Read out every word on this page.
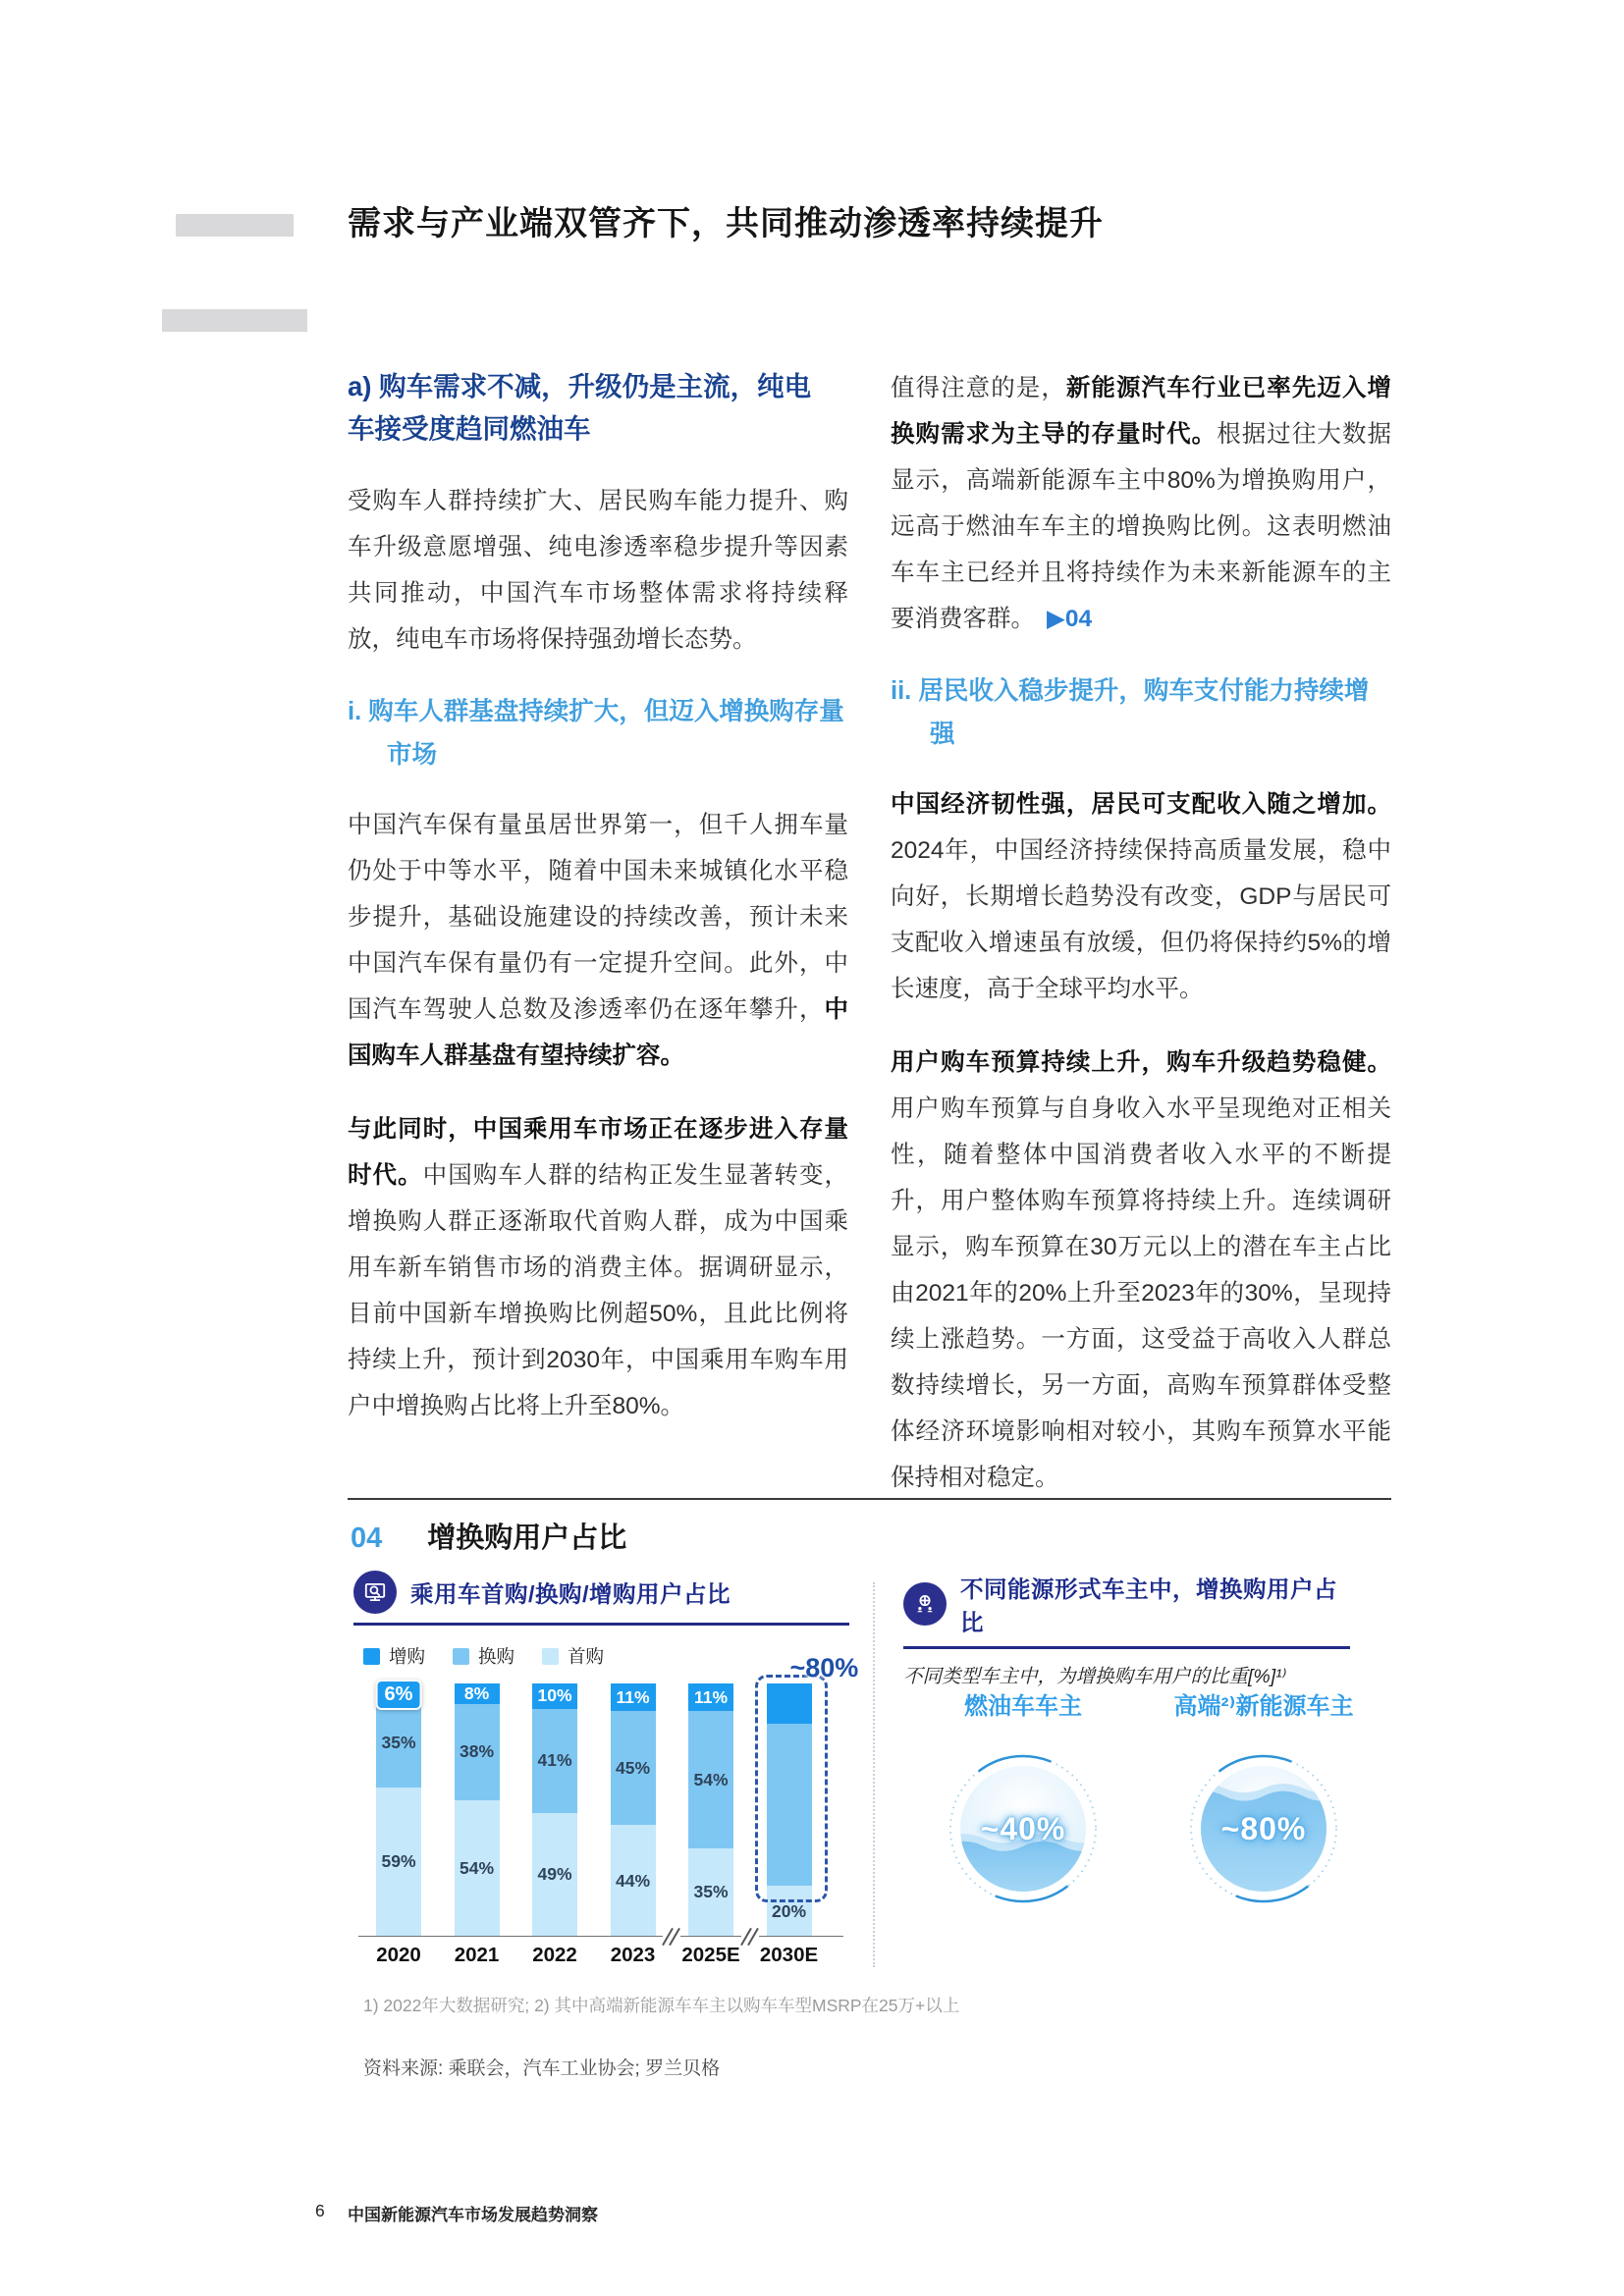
需求与产业端双管齐下，共同推动渗透率持续提升
a) 购车需求不减，升级仍是主流，纯电车接受度趋同燃油车

受购车人群持续扩大、居民购车能力提升、购车升级意愿增强、纯电渗透率稳步提升等因素共同推动，中国汽车市场整体需求将持续释放，纯电车市场将保持强劲增长态势。

i. 购车人群基盘持续扩大，但迈入增换购存量市场

中国汽车保有量虽居世界第一，但千人拥车量仍处于中等水平，随着中国未来城镇化水平稳步提升，基础设施建设的持续改善，预计未来中国汽车保有量仍有一定提升空间。此外，中国汽车驾驶人总数及渗透率仍在逐年攀升，中国购车人群基盘有望持续扩容。

与此同时，中国乘用车市场正在逐步进入存量时代。中国购车人群的结构正发生显著转变，增换购人群正逐渐取代首购人群，成为中国乘用车新车销售市场的消费主体。据调研显示，目前中国新车增换购比例超50%，且此比例将持续上升，预计到2030年，中国乘用车购车用户中增换购占比将上升至80%。

值得注意的是，新能源汽车行业已率先迈入增换购需求为主导的存量时代。根据过往大数据显示，高端新能源车主中80%为增换购用户，远高于燃油车车主的增换购比例。这表明燃油车车主已经并且将持续作为未来新能源车的主要消费客群。 ▶04

ii. 居民收入稳步提升，购车支付能力持续增强

中国经济韧性强，居民可支配收入随之增加。2024年，中国经济持续保持高质量发展，稳中向好，长期增长趋势没有改变，GDP与居民可支配收入增速虽有放缓，但仍将保持约5%的增长速度，高于全球平均水平。

用户购车预算持续上升，购车升级趋势稳健。用户购车预算与自身收入水平呈现绝对正相关性，随着整体中国消费者收入水平的不断提升，用户整体购车预算将持续上升。连续调研显示，购车预算在30万元以上的潜在车主占比由2021年的20%上升至2023年的30%，呈现持续上涨趋势。一方面，这受益于高收入人群总数持续增长，另一方面，高购车预算群体受整体经济环境影响相对较小，其购车预算水平能保持相对稳定。

04 增换购用户占比
乘用车首购/换购/增购用户占比
增购	换购	首购
6%
35%
59%
2020
8%
38%
54%
2021
10%
41%
49%
2022
11%
45%
44%
2023
11%
54%
35%
2025E
20%
2030E
~80%
不同能源形式车主中，增换购用户占比
不同类型车主中，为增换购车用户的比重[%]¹⁾
燃油车车主
~40%
高端²⁾新能源车主
~80%
1) 2022年大数据研究; 2) 其中高端新能源车车主以购车车型MSRP在25万+以上
资料来源: 乘联会，汽车工业协会; 罗兰贝格
6 中国新能源汽车市场发展趋势洞察
